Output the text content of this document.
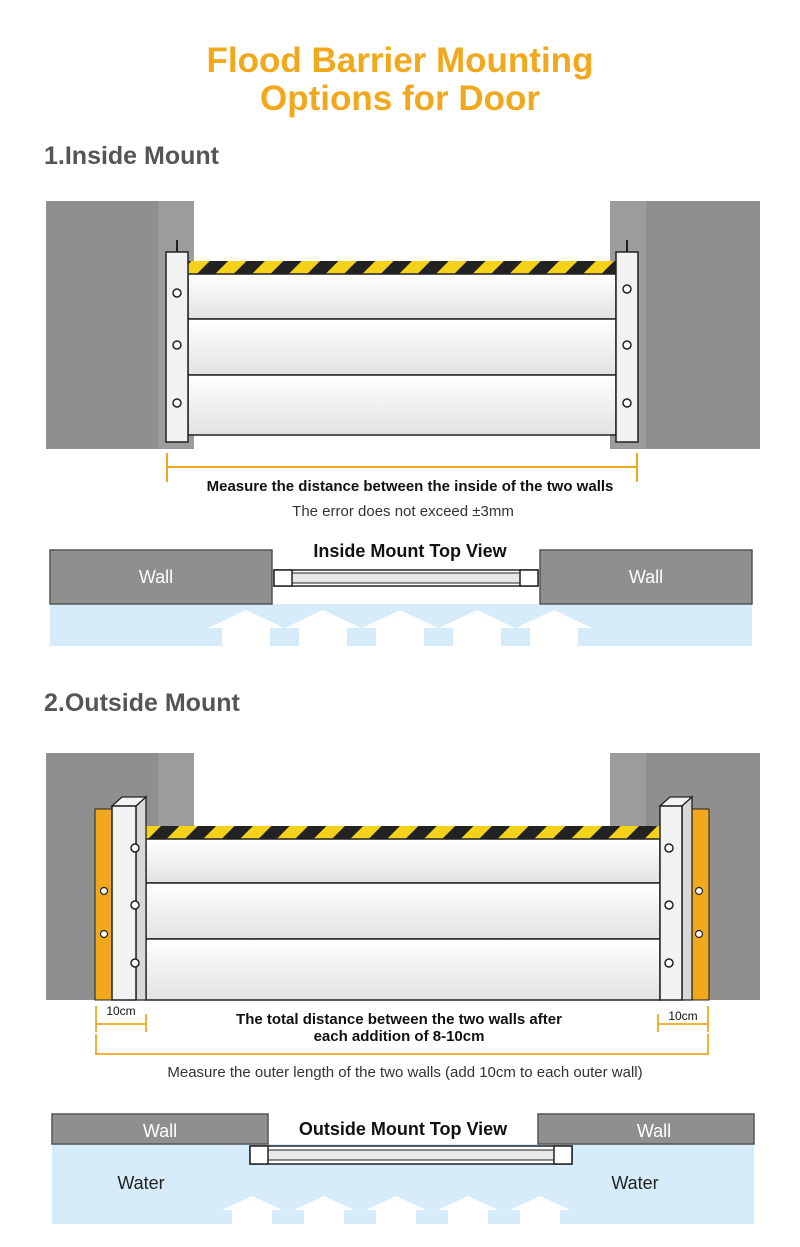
Flood Barrier Mounting
Options for Door
1.Inside Mount
Measure the distance between the inside of the two walls
The error does not exceed ±3mm
Inside Mount Top View
Wall	Wall
2.Outside Mount
10cm	10cm
The total distance between the two walls after
each addition of 8-10cm
Measure the outer length of the two walls (add 10cm to each outer wall)
Outside Mount Top View
Wall	Wall
Water	Water
